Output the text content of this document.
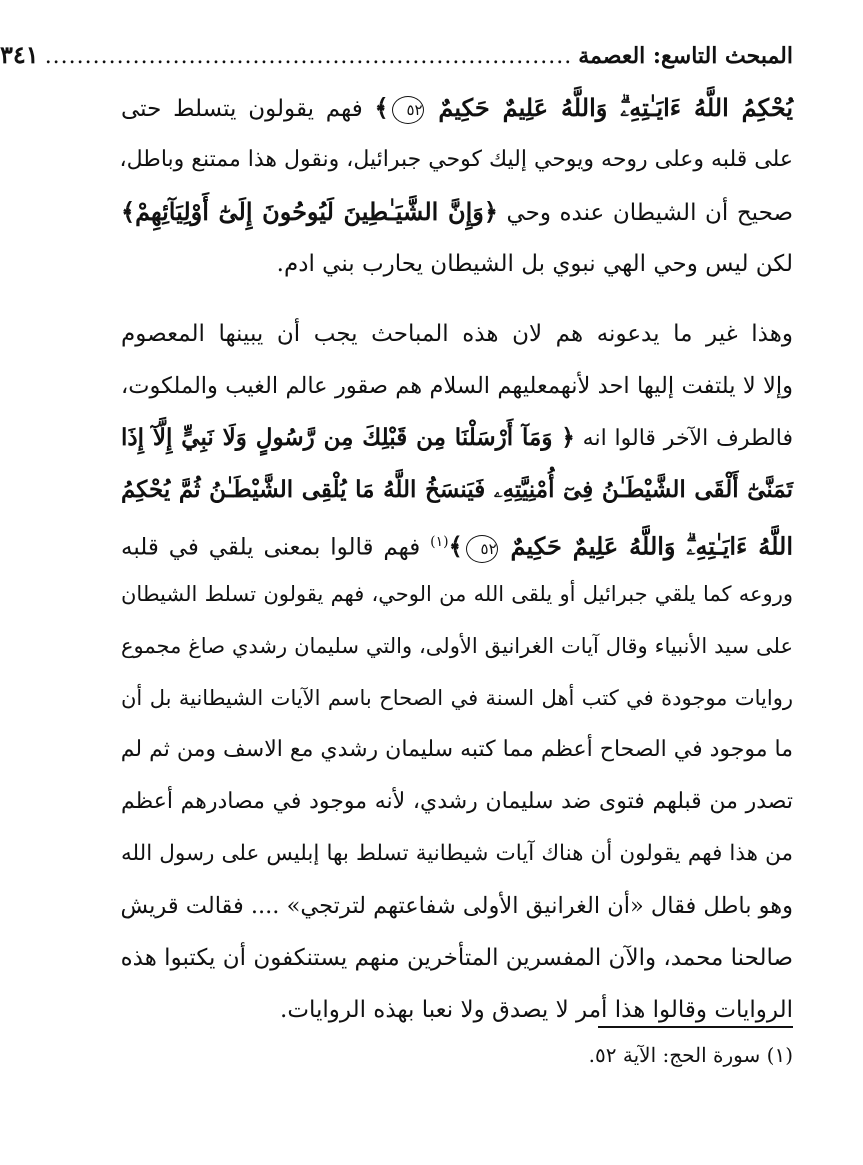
المبحث التاسع: العصمة
..................................................................
٣٤١
يُحْكِمُ اللَّهُ ءَايَـٰتِهِۦۗ وَاللَّهُ عَلِيمٌ حَكِيمٌ ٥٢﴾ فهم يقولون يتسلط حتى
على قلبه وعلى روحه ويوحي إليك كوحي جبرائيل، ونقول هذا ممتنع وباطل،
صحيح أن الشيطان عنده وحي ﴿وَإِنَّ الشَّيَـٰطِينَ لَيُوحُونَ إِلَىٰٓ أَوْلِيَآئِهِمْ﴾
لكن ليس وحي الهي نبوي بل الشيطان يحارب بني ادم.
وهذا غير ما يدعونه هم لان هذه المباحث يجب أن يبينها المعصوم
وإلا لا يلتفت إليها احد لأنهمعليهم السلام هم صقور عالم الغيب والملكوت،
فالطرف الآخر قالوا انه ﴿ وَمَآ أَرْسَلْنَا مِن قَبْلِكَ مِن رَّسُولٍ وَلَا نَبِيٍّ إِلَّآ إِذَا
تَمَنَّىٰٓ أَلْقَى الشَّيْطَـٰنُ فِىٓ أُمْنِيَّتِهِۦ فَيَنسَخُ اللَّهُ مَا يُلْقِى الشَّيْطَـٰنُ ثُمَّ يُحْكِمُ
اللَّهُ ءَايَـٰتِهِۦۗ وَاللَّهُ عَلِيمٌ حَكِيمٌ ٥٢﴾$^{(١)}$ فهم قالوا بمعنى يلقي في قلبه
وروعه كما يلقي جبرائيل أو يلقى الله من الوحي، فهم يقولون تسلط الشيطان
على سيد الأنبياء وقال آيات الغرانيق الأولى، والتي سليمان رشدي صاغ مجموع
روايات موجودة في كتب أهل السنة في الصحاح باسم الآيات الشيطانية بل أن
ما موجود في الصحاح أعظم مما كتبه سليمان رشدي مع الاسف ومن ثم لم
تصدر من قبلهم فتوى ضد سليمان رشدي، لأنه موجود في مصادرهم أعظم
من هذا فهم يقولون أن هناك آيات شيطانية تسلط بها إبليس على رسول الله
وهو باطل فقال «أن الغرانيق الأولى شفاعتهم لترتجي» .... فقالت قريش
صالحنا محمد، والآن المفسرين المتأخرين منهم يستنكفون أن يكتبوا هذه
الروايات وقالوا هذا أمر لا يصدق ولا نعبا بهذه الروايات.
(١) سورة الحج: الآية ٥٢.
